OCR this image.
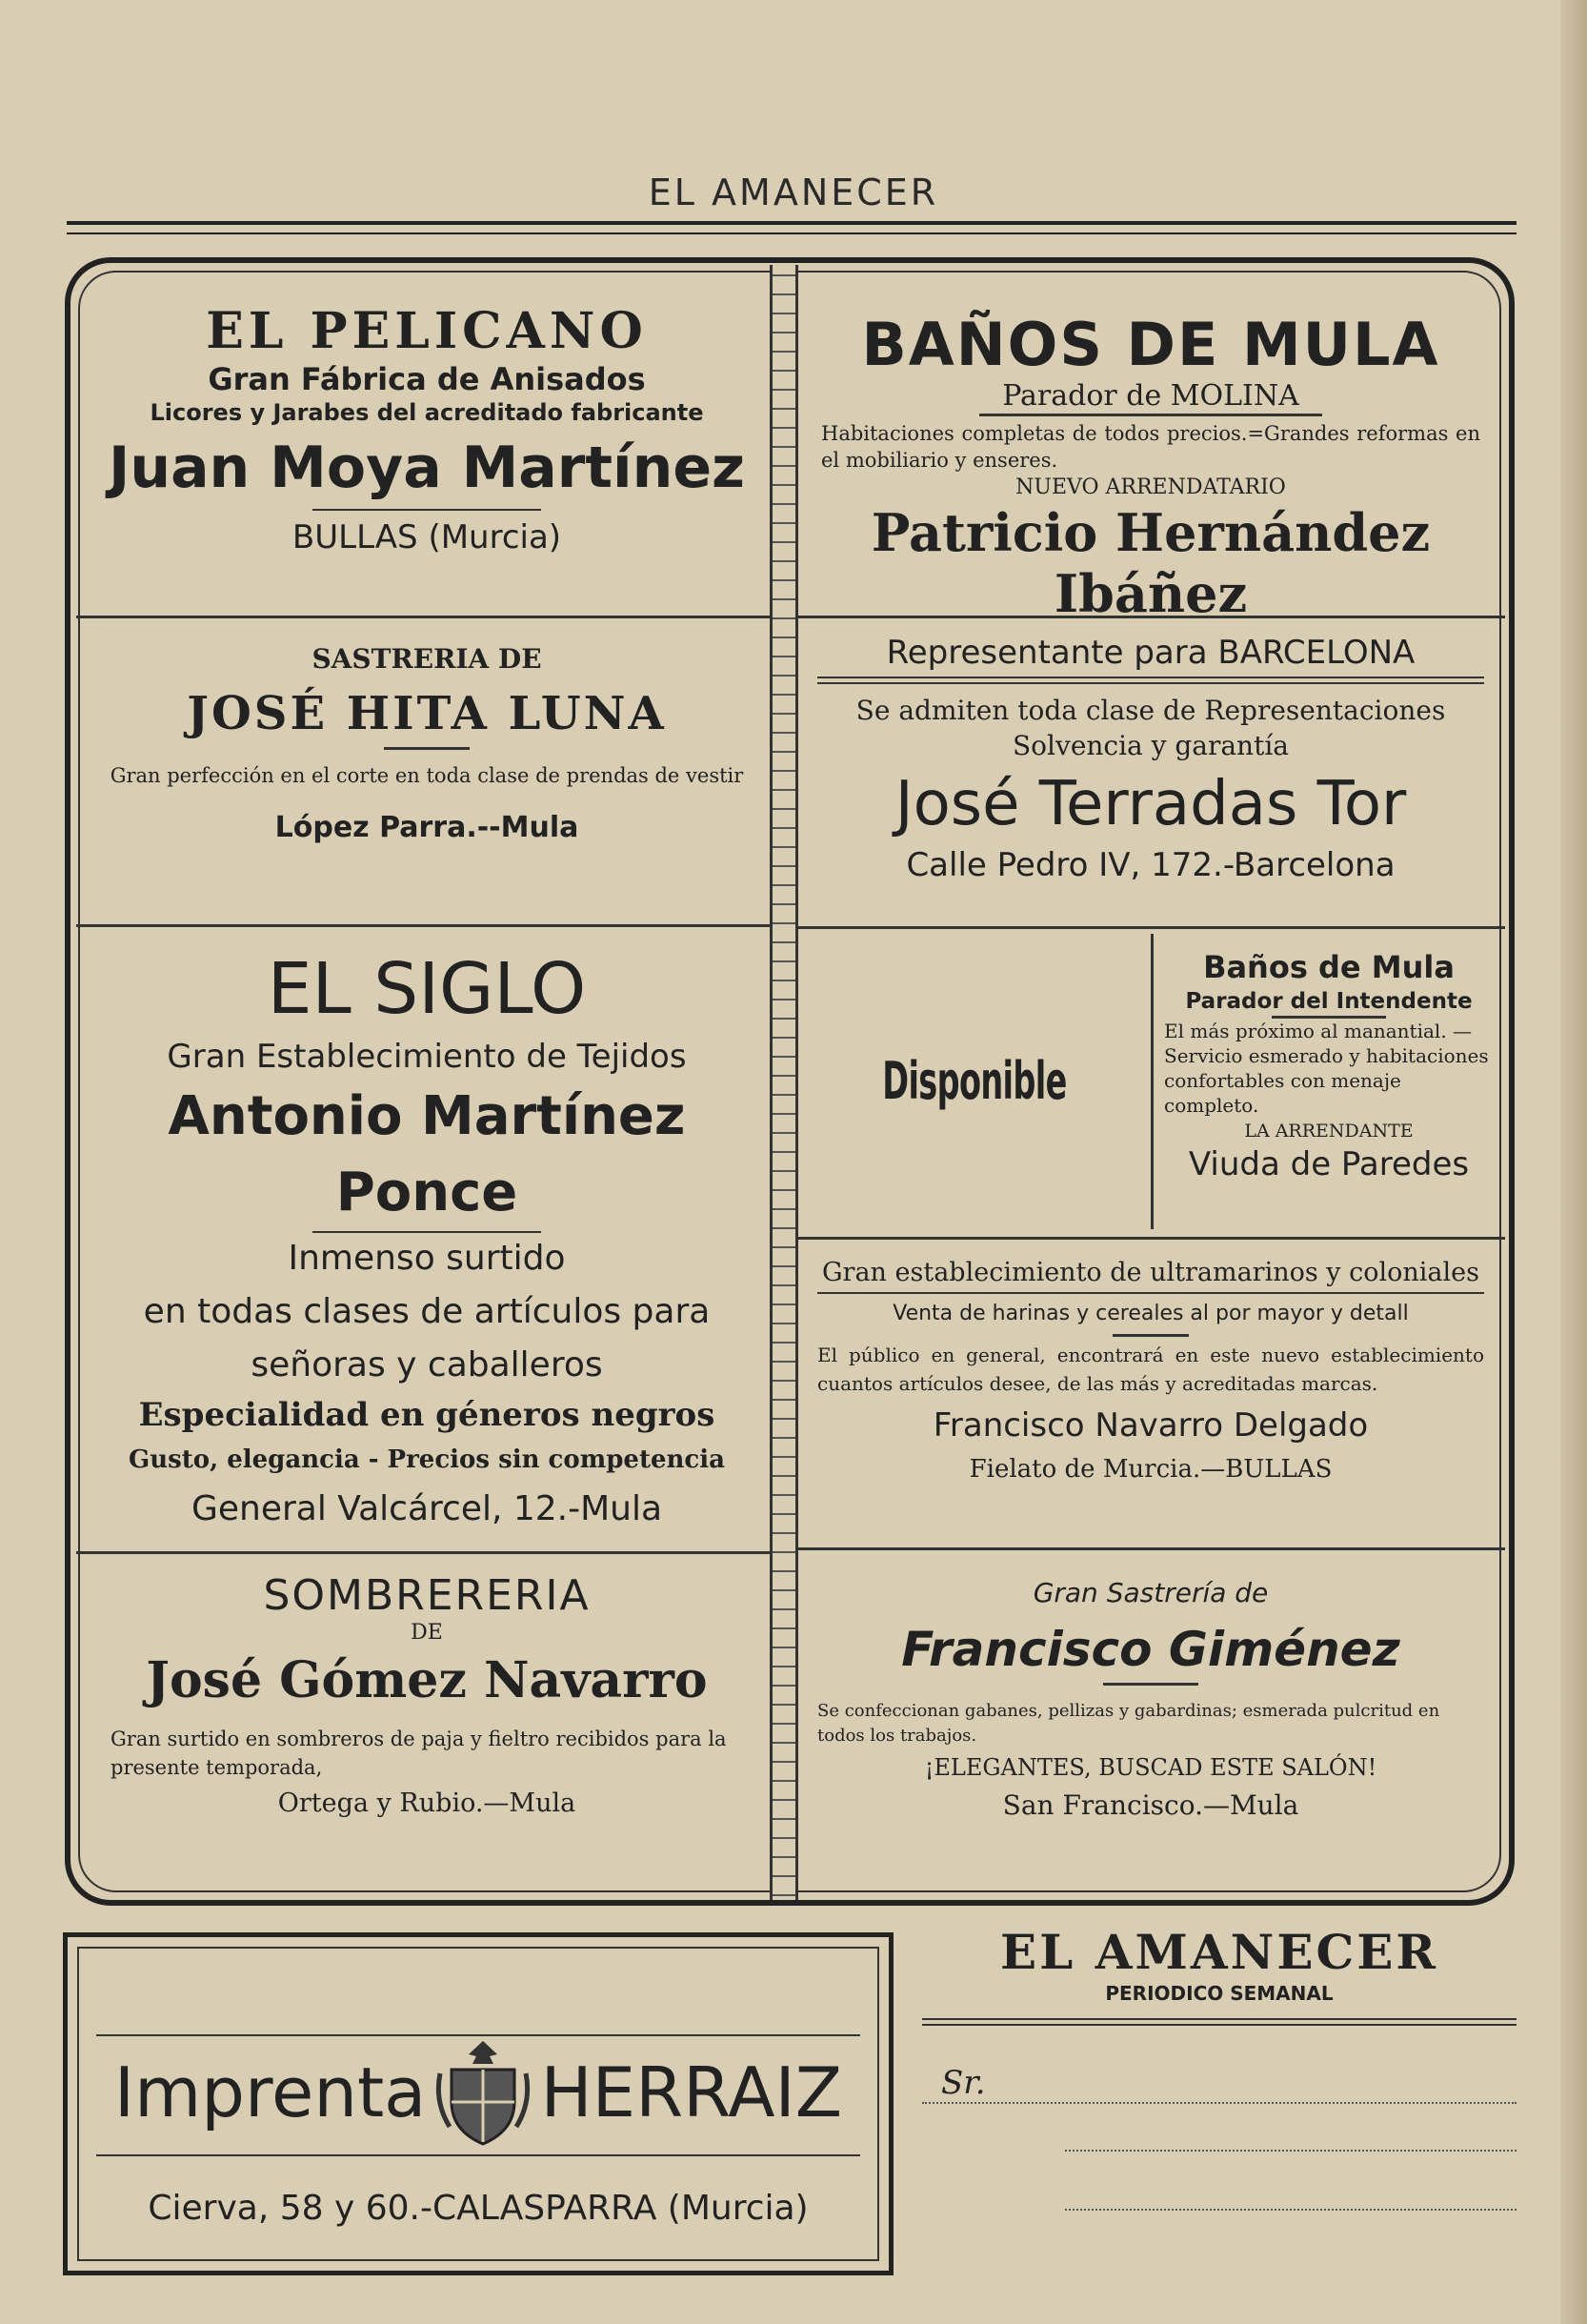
EL AMANECER
EL PELICANO
Gran Fábrica de Anisados
Licores y Jarabes del acreditado fabricante
Juan Moya Martínez
BULLAS (Murcia)
BAÑOS DE MULA
Parador de MOLINA
Habitaciones completas de todos precios.=Grandes reformas en el mobiliario y enseres.
NUEVO ARRENDATARIO
Patricio Hernández Ibáñez
SASTRERIA DE
JOSÉ HITA LUNA
Gran perfección en el corte en toda clase de prendas de vestir
López Parra.--Mula
Representante para BARCELONA
Se admiten toda clase de Representaciones
Solvencia y garantía
José Terradas Tor
Calle Pedro IV, 172.-Barcelona
EL SIGLO
Gran Establecimiento de Tejidos
Antonio Martínez Ponce
Inmenso surtido
en todas clases de artículos para
señoras y caballeros
Especialidad en géneros negros
Gusto, elegancia - Precios sin competencia
General Valcárcel, 12.-Mula
Disponible
Baños de Mula
Parador del Intendente
El más próximo al manantial. —Servicio esmerado y habitaciones confortables con menaje completo.
LA ARRENDANTE
Viuda de Paredes
Gran establecimiento de ultramarinos y coloniales
Venta de harinas y cereales al por mayor y detall
El público en general, encontrará en este nuevo establecimiento cuantos artículos desee, de las más y acreditadas marcas.
Francisco Navarro Delgado
Fielato de Murcia.—BULLAS
SOMBRERERIA
DE
José Gómez Navarro
Gran surtido en sombreros de paja y fieltro recibidos para la presente temporada,
Ortega y Rubio.—Mula
Gran Sastrería de
Francisco Giménez
Se confeccionan gabanes, pellizas y gabardinas; esmerada pulcritud en todos los trabajos.
¡ELEGANTES, BUSCAD ESTE SALÓN!
San Francisco.—Mula
Imprenta HERRAIZ
Cierva, 58 y 60.-CALASPARRA (Murcia)
EL AMANECER
PERIODICO SEMANAL
Sr.
